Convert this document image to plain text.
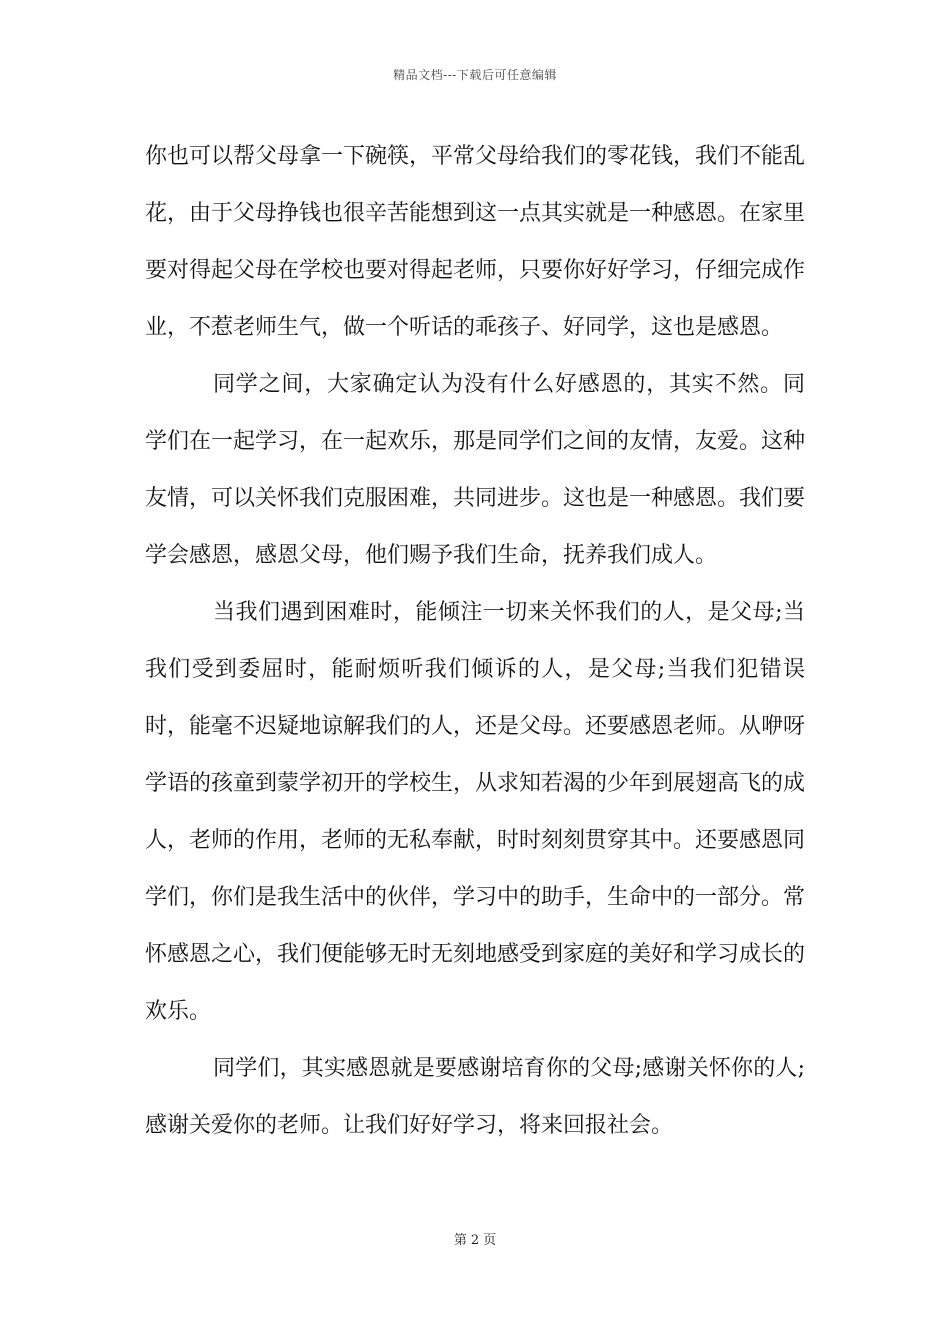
精品文档---下载后可任意编辑

你也可以帮父母拿一下碗筷，平常父母给我们的零花钱，我们不能乱花，由于父母挣钱也很辛苦能想到这一点其实就是一种感恩。在家里要对得起父母在学校也要对得起老师，只要你好好学习，仔细完成作业，不惹老师生气，做一个听话的乖孩子、好同学，这也是感恩。

同学之间，大家确定认为没有什么好感恩的，其实不然。同学们在一起学习，在一起欢乐，那是同学们之间的友情，友爱。这种友情，可以关怀我们克服困难，共同进步。这也是一种感恩。我们要学会感恩，感恩父母，他们赐予我们生命，抚养我们成人。

当我们遇到困难时，能倾注一切来关怀我们的人，是父母;当我们受到委屈时，能耐烦听我们倾诉的人，是父母;当我们犯错误时，能毫不迟疑地谅解我们的人，还是父母。还要感恩老师。从咿呀学语的孩童到蒙学初开的学校生，从求知若渴的少年到展翅高飞的成人，老师的作用，老师的无私奉献，时时刻刻贯穿其中。还要感恩同学们，你们是我生活中的伙伴，学习中的助手，生命中的一部分。常怀感恩之心，我们便能够无时无刻地感受到家庭的美好和学习成长的欢乐。

同学们，其实感恩就是要感谢培育你的父母;感谢关怀你的人;感谢关爱你的老师。让我们好好学习，将来回报社会。

第 2 页
